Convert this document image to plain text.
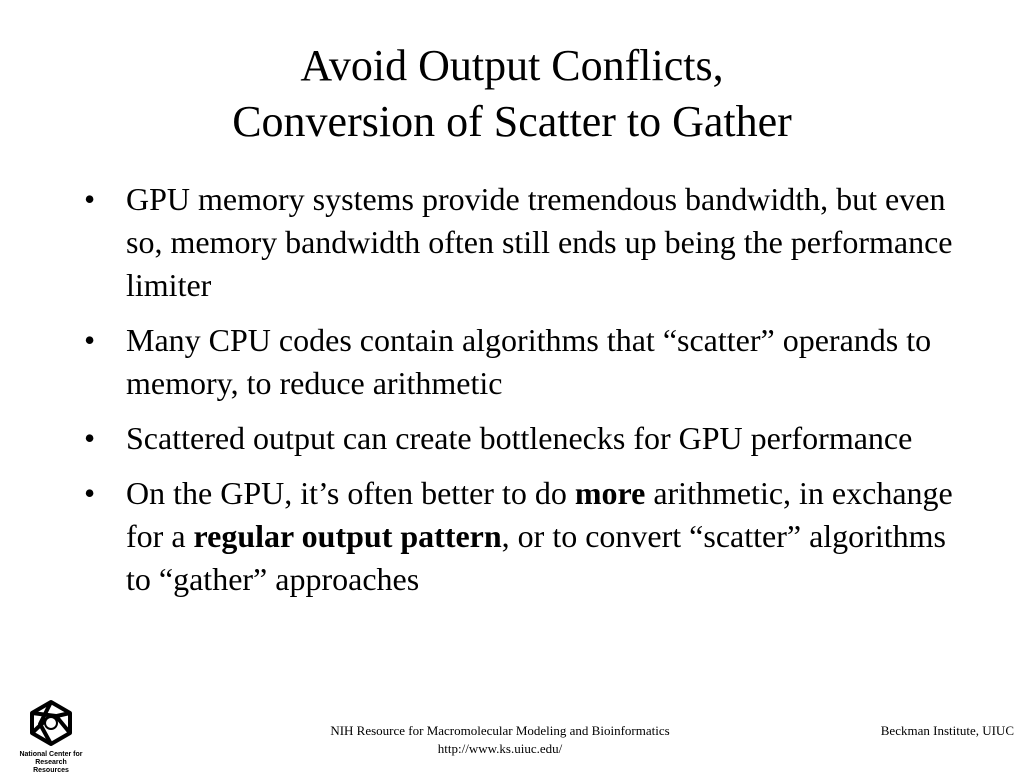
Avoid Output Conflicts,
Conversion of Scatter to Gather
• GPU memory systems provide tremendous bandwidth, but even so, memory bandwidth often still ends up being the performance limiter
• Many CPU codes contain algorithms that “scatter” operands to memory, to reduce arithmetic
• Scattered output can create bottlenecks for GPU performance
• On the GPU, it’s often better to do more arithmetic, in exchange for a regular output pattern, or to convert “scatter” algorithms to “gather” approaches
National Center for
Research Resources
NIH Resource for Macromolecular Modeling and Bioinformatics
http://www.ks.uiuc.edu/
Beckman Institute, UIUC
